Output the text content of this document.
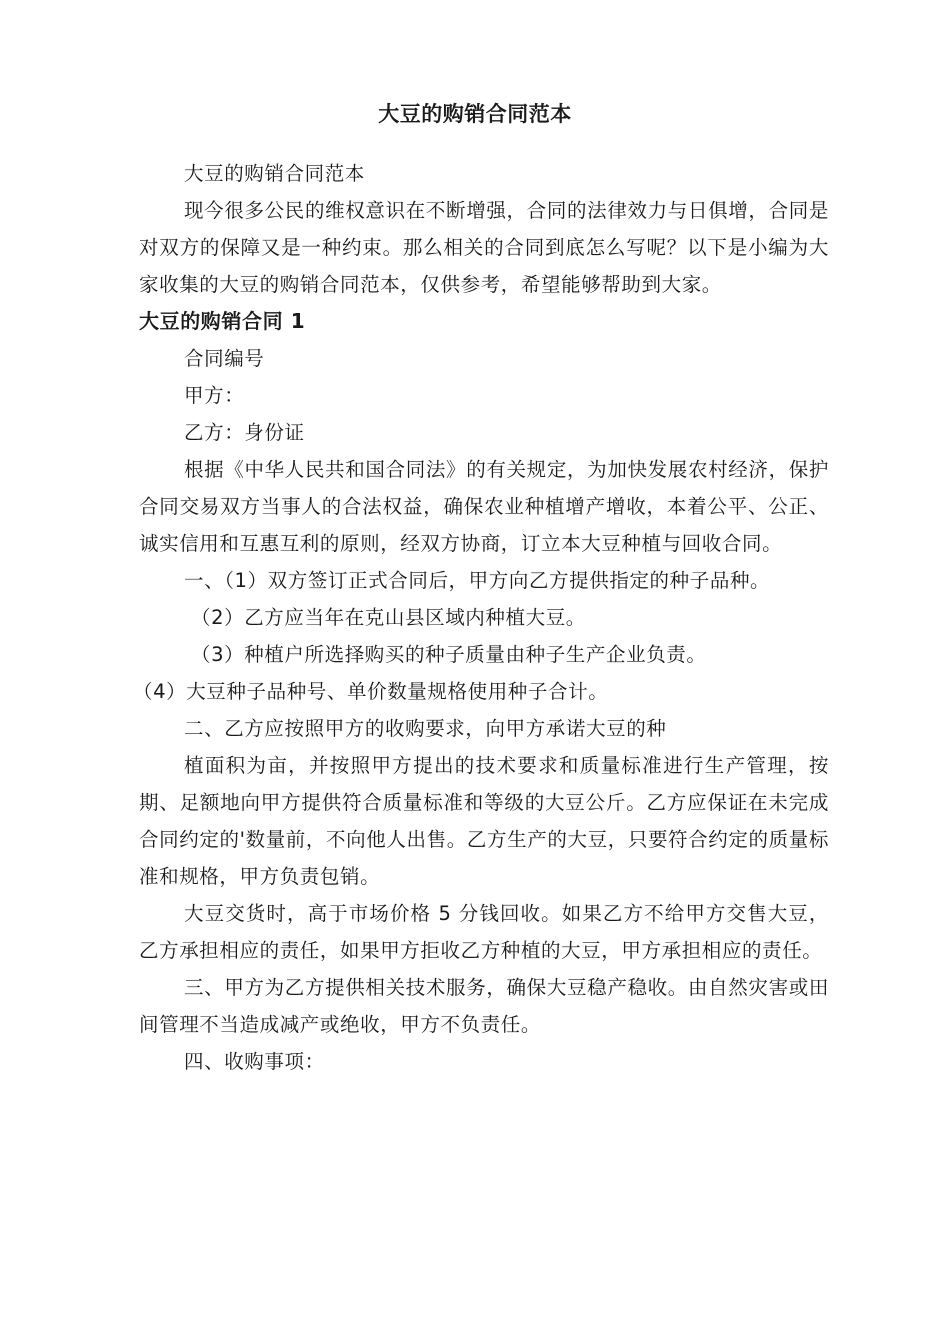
大豆的购销合同范本

大豆的购销合同范本

现今很多公民的维权意识在不断增强，合同的法律效力与日俱增，合同是对双方的保障又是一种约束。那么相关的合同到底怎么写呢？以下是小编为大家收集的大豆的购销合同范本，仅供参考，希望能够帮助到大家。

大豆的购销合同 1

合同编号

甲方：

乙方：身份证

根据《中华人民共和国合同法》的有关规定，为加快发展农村经济，保护合同交易双方当事人的合法权益，确保农业种植增产增收，本着公平、公正、诚实信用和互惠互利的原则，经双方协商，订立本大豆种植与回收合同。

一、（1）双方签订正式合同后，甲方向乙方提供指定的种子品种。

（2）乙方应当年在克山县区域内种植大豆。

（3）种植户所选择购买的种子质量由种子生产企业负责。

（4）大豆种子品种号、单价数量规格使用种子合计。

二、乙方应按照甲方的收购要求，向甲方承诺大豆的种

植面积为亩，并按照甲方提出的技术要求和质量标准进行生产管理，按期、足额地向甲方提供符合质量标准和等级的大豆公斤。乙方应保证在未完成合同约定的'数量前，不向他人出售。乙方生产的大豆，只要符合约定的质量标准和规格，甲方负责包销。

大豆交货时，高于市场价格 5 分钱回收。如果乙方不给甲方交售大豆，乙方承担相应的责任，如果甲方拒收乙方种植的大豆，甲方承担相应的责任。

三、甲方为乙方提供相关技术服务，确保大豆稳产稳收。由自然灾害或田间管理不当造成减产或绝收，甲方不负责任。

四、收购事项：
